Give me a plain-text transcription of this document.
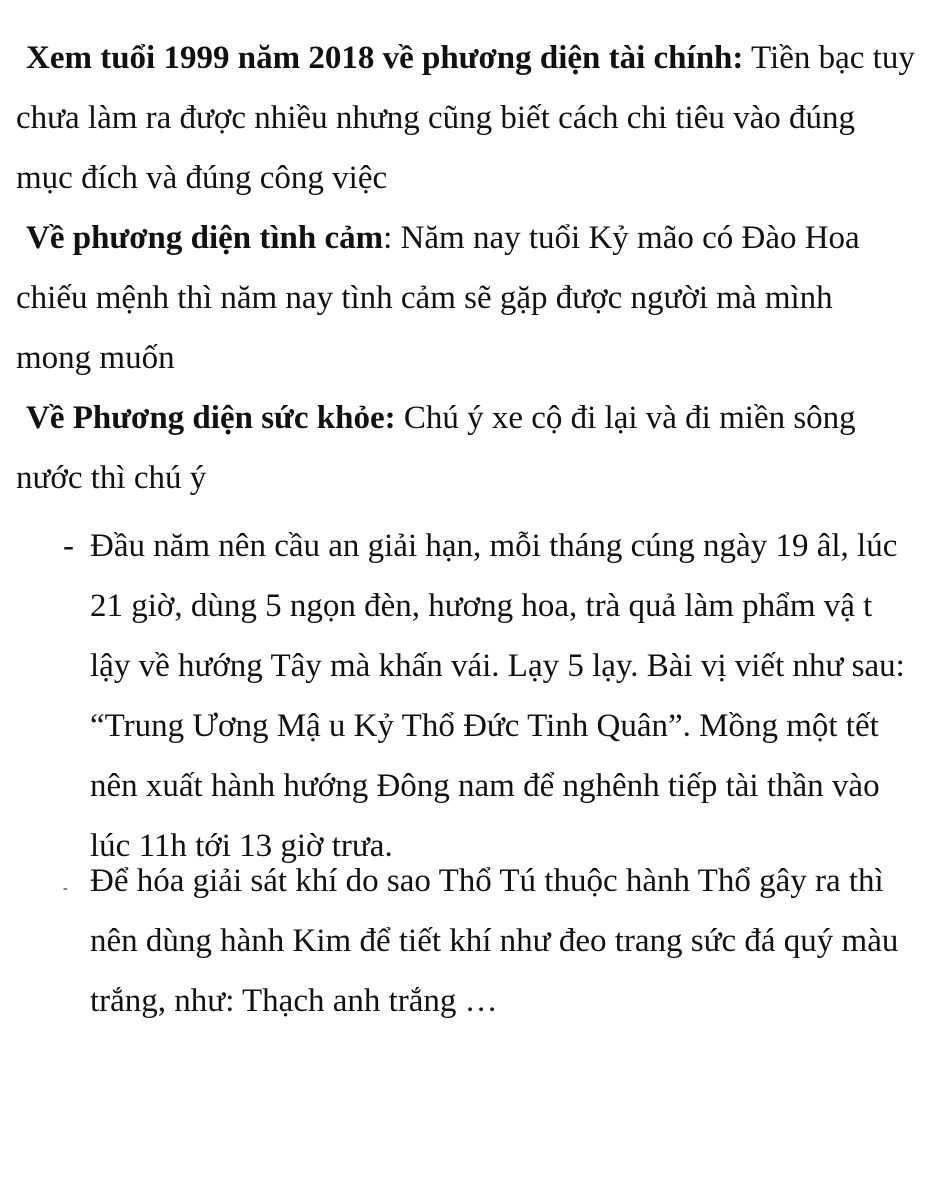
Xem tuổi 1999 năm 2018 về phương diện tài chính: Tiền bạc tuy chưa làm ra được nhiều nhưng cũng biết cách chi tiêu vào đúng mục đích và đúng công việc

Về phương diện tình cảm: Năm nay tuổi Kỷ mão có Đào Hoa chiếu mệnh thì năm nay tình cảm sẽ gặp được người mà mình mong muốn

Về Phương diện sức khỏe: Chú ý xe cộ đi lại và đi miền sông nước thì chú ý

- Đầu năm nên cầu an giải hạn, mỗi tháng cúng ngày 19 âl, lúc 21 giờ, dùng 5 ngọn đèn, hương hoa, trà quả làm phẩm vậ t lậy về hướng Tây mà khấn vái. Lạy 5 lạy. Bài vị viết như sau: “Trung Ương Mậ u Kỷ Thổ Đức Tinh Quân”. Mồng một tết nên xuất hành hướng Đông nam để nghênh tiếp tài thần vào lúc 11h tới 13 giờ trưa.
- Để hóa giải sát khí do sao Thổ Tú thuộc hành Thổ gây ra thì nên dùng hành Kim để tiết khí như đeo trang sức đá quý màu trắng, như: Thạch anh trắng …
